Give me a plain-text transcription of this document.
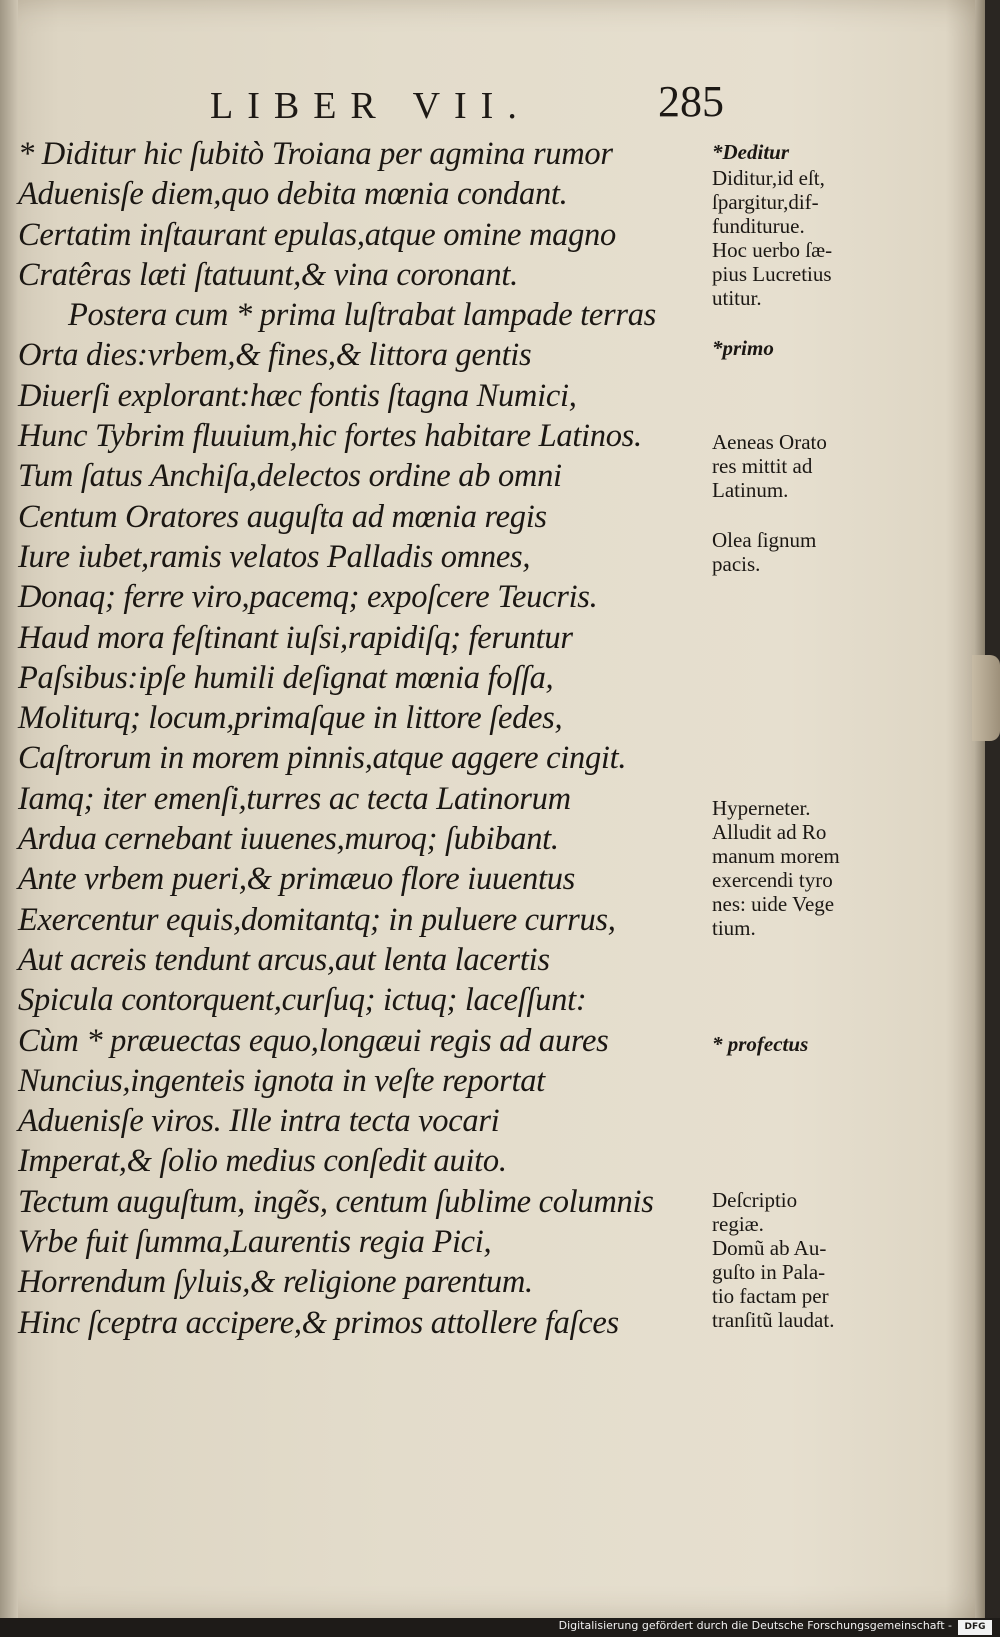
LIBER VII.	285
* Diditur hic ſubitò Troiana per agmina rumor
Aduenisſe diem,quo debita mœnia condant.
Certatim inſtaurant epulas,atque omine magno
Cratêras læti ſtatuunt,& vina coronant.
Postera cum * prima luſtrabat lampade terras
Orta dies:vrbem,& fines,& littora gentis
Diuerſi explorant:hæc fontis ſtagna Numici,
Hunc Tybrim fluuium,hic fortes habitare Latinos.
Tum ſatus Anchiſa,delectos ordine ab omni
Centum Oratores auguſta ad mœnia regis
Iure iubet,ramis velatos Palladis omnes,
Donaq; ferre viro,pacemq; expoſcere Teucris.
Haud mora feſtinant iuſsi,rapidiſq; feruntur
Paſsibus:ipſe humili deſignat mœnia foſſa,
Moliturq; locum,primaſque in littore ſedes,
Caſtrorum in morem pinnis,atque aggere cingit.
Iamq; iter emenſi,turres ac tecta Latinorum
Ardua cernebant iuuenes,muroq; ſubibant.
Ante vrbem pueri,& primæuo flore iuuentus
Exercentur equis,domitantq; in puluere currus,
Aut acreis tendunt arcus,aut lenta lacertis
Spicula contorquent,curſuq; ictuq; laceſſunt:
Cùm * præuectas equo,longæui regis ad aures
Nuncius,ingenteis ignota in veſte reportat
Aduenisſe viros. Ille intra tecta vocari
Imperat,& ſolio medius conſedit auito.
Tectum auguſtum, ingẽs, centum ſublime columnis
Vrbe fuit ſumma,Laurentis regia Pici,
Horrendum ſyluis,& religione parentum.
Hinc ſceptra accipere,& primos attollere faſces
*Deditur
Diditur,id eſt,
ſpargitur,dif-
funditurue.
Hoc uerbo ſæ-
pius Lucretius
utitur.
*primo
Aeneas Orato
res mittit ad
Latinum.
Olea ſignum
pacis.
Hyperneter.
Alludit ad Ro
manum morem
exercendi tyro
nes: uide Vege
tium.
* profectus
Deſcriptio
regiæ.
Domũ ab Au-
guſto in Pala-
tio factam per
tranſitũ laudat.
Digitalisierung gefördert durch die Deutsche Forschungsgemeinschaft -	DFG
